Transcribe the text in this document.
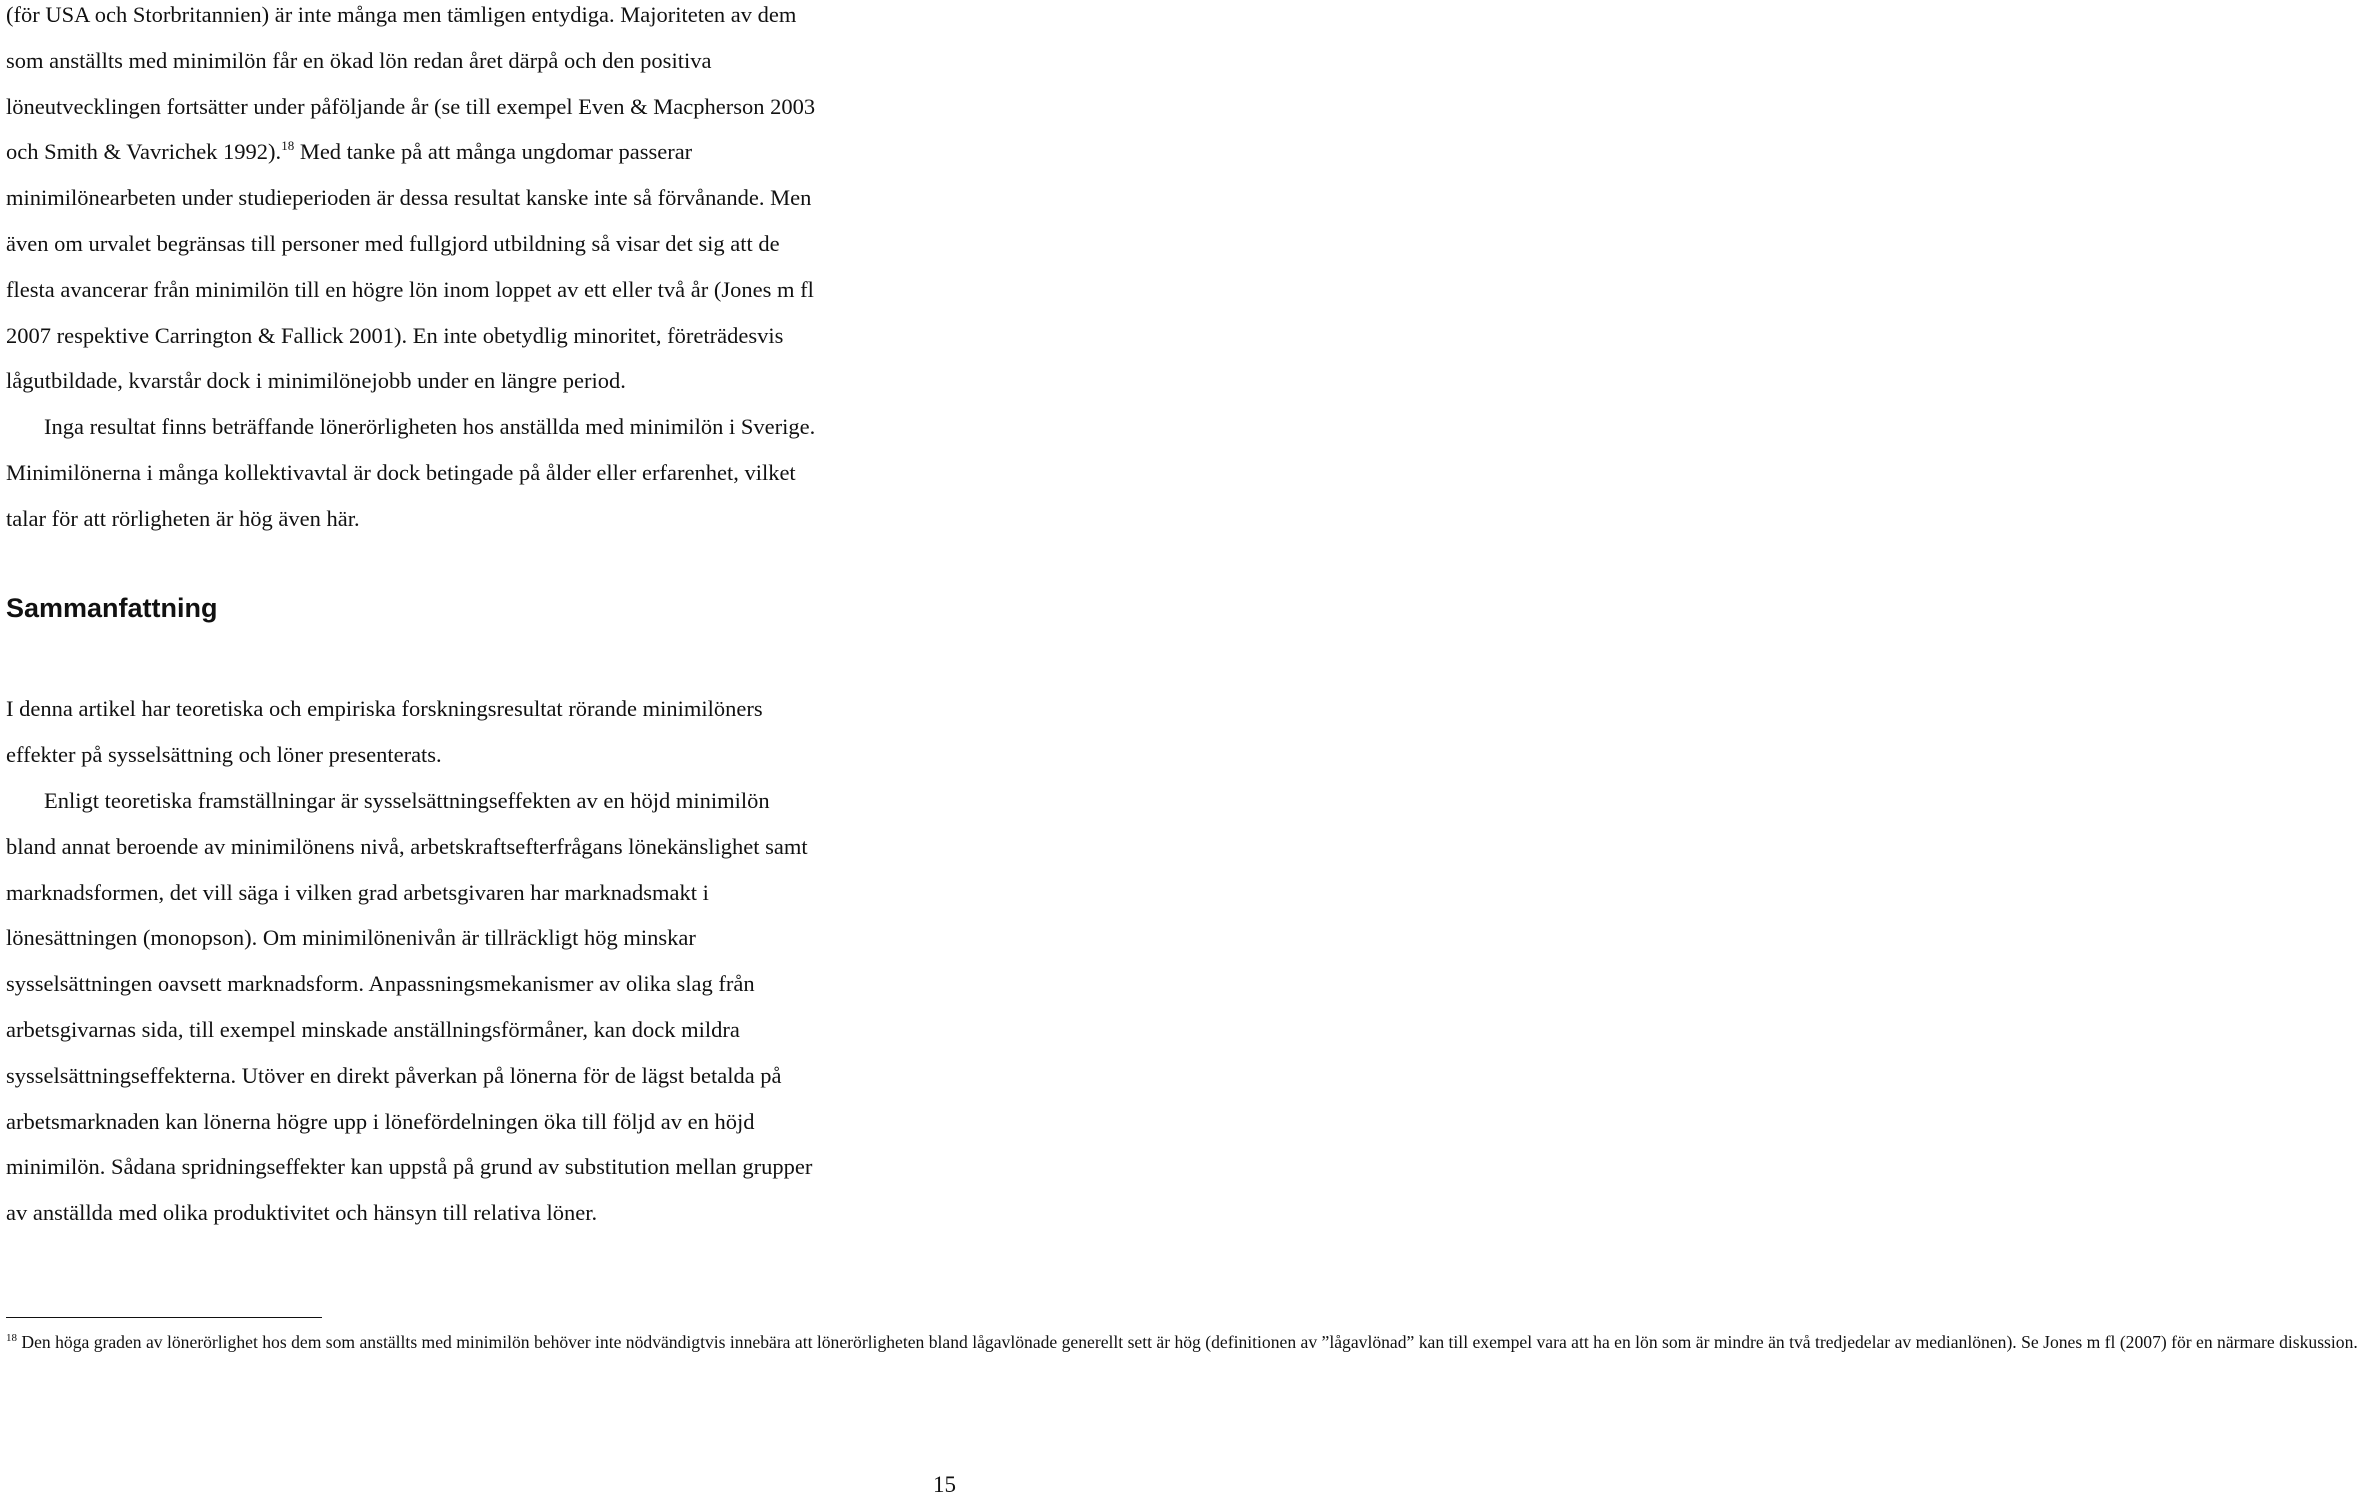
(för USA och Storbritannien) är inte många men tämligen entydiga. Majoriteten av dem
som anställts med minimilön får en ökad lön redan året därpå och den positiva
löneutvecklingen fortsätter under påföljande år (se till exempel Even & Macpherson 2003
och Smith & Vavrichek 1992).$^{18}$ Med tanke på att många ungdomar passerar
minimilönearbeten under studieperioden är dessa resultat kanske inte så förvånande. Men
även om urvalet begränsas till personer med fullgjord utbildning så visar det sig att de
flesta avancerar från minimilön till en högre lön inom loppet av ett eller två år (Jones m fl
2007 respektive Carrington & Fallick 2001). En inte obetydlig minoritet, företrädesvis
lågutbildade, kvarstår dock i minimilönejobb under en längre period.

Inga resultat finns beträffande lönerörligheten hos anställda med minimilön i Sverige.
Minimilönerna i många kollektivavtal är dock betingade på ålder eller erfarenhet, vilket
talar för att rörligheten är hög även här.

Sammanfattning

I denna artikel har teoretiska och empiriska forskningsresultat rörande minimilöners
effekter på sysselsättning och löner presenterats.

Enligt teoretiska framställningar är sysselsättningseffekten av en höjd minimilön
bland annat beroende av minimilönens nivå, arbetskraftsefterfrågans lönekänslighet samt
marknadsformen, det vill säga i vilken grad arbetsgivaren har marknadsmakt i
lönesättningen (monopson). Om minimilönenivån är tillräckligt hög minskar
sysselsättningen oavsett marknadsform. Anpassningsmekanismer av olika slag från
arbetsgivarnas sida, till exempel minskade anställningsförmåner, kan dock mildra
sysselsättningseffekterna. Utöver en direkt påverkan på lönerna för de lägst betalda på
arbetsmarknaden kan lönerna högre upp i lönefördelningen öka till följd av en höjd
minimilön. Sådana spridningseffekter kan uppstå på grund av substitution mellan grupper
av anställda med olika produktivitet och hänsyn till relativa löner.

$^{18}$ Den höga graden av lönerörlighet hos dem som anställts med minimilön behöver inte nödvändigtvis innebära att lönerörligheten bland lågavlönade generellt sett är hög (definitionen av ”lågavlönad” kan till exempel vara att ha en lön som är mindre än två tredjedelar av medianlönen). Se Jones m fl (2007) för en närmare diskussion.

15
